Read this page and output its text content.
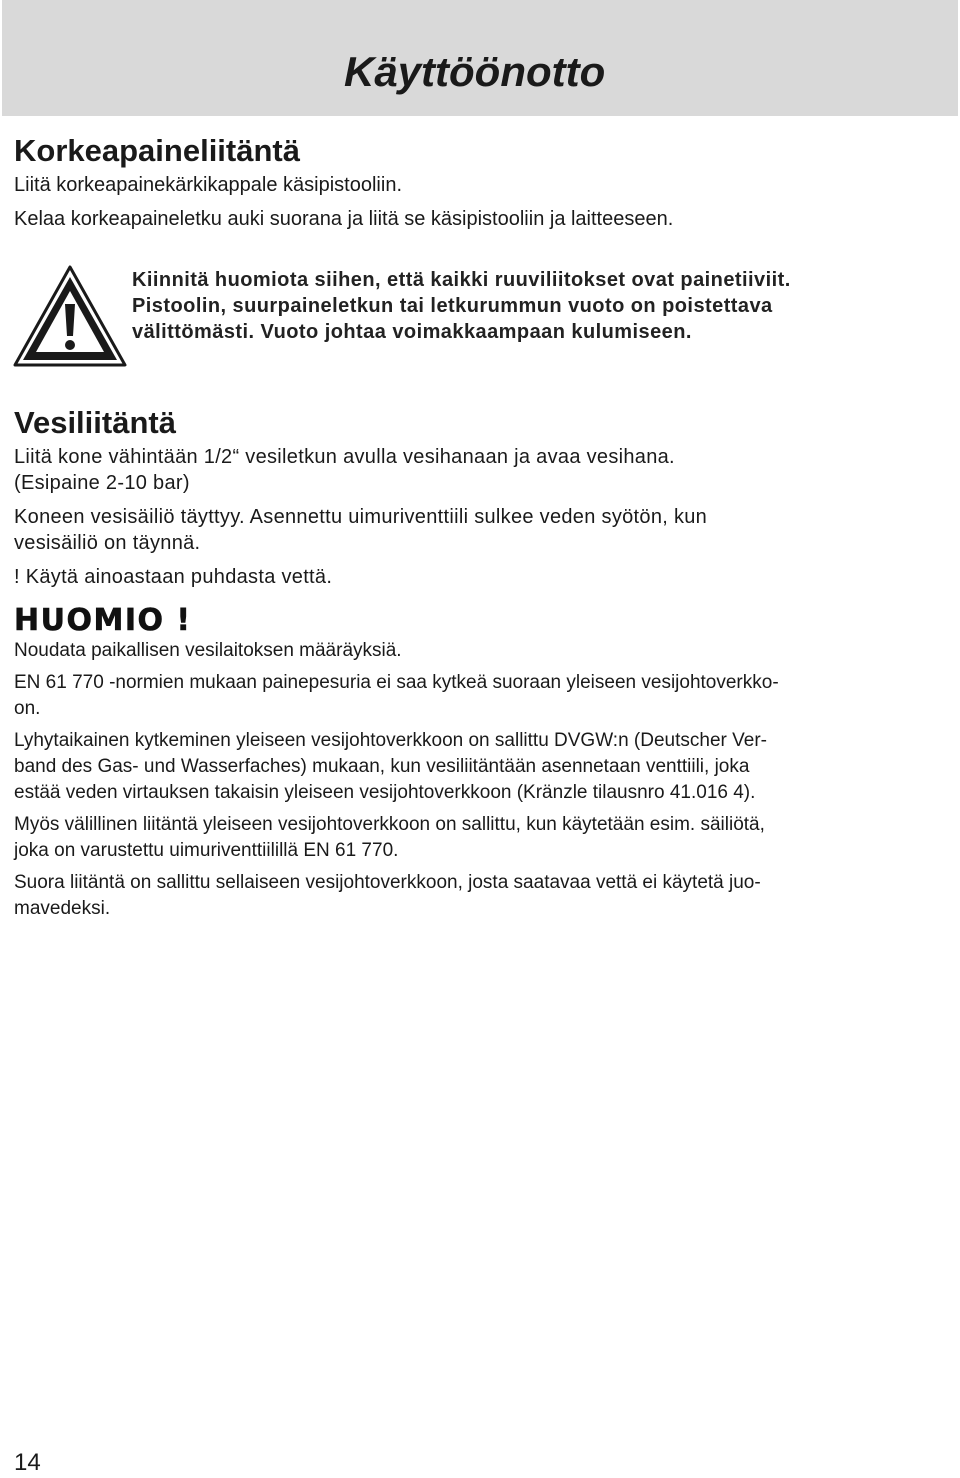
Käyttöönotto
Korkeapaineliitäntä

Liitä korkeapainekärkikappale käsipistooliin.

Kelaa korkeapaineletku auki suorana ja liitä se käsipistooliin ja laitteeseen.

Kiinnitä huomiota siihen, että kaikki ruuviliitokset ovat painetiiviit.
Pistoolin, suurpaineletkun tai letkurummun vuoto on poistettava
välittömästi. Vuoto johtaa voimakkaampaan kulumiseen.
Vesiliitäntä

Liitä kone vähintään 1/2“ vesiletkun avulla vesihanaan ja avaa vesihana.

(Esipaine 2-10 bar)

Koneen vesisäiliö täyttyy. Asennettu uimuriventtiili sulkee veden syötön, kun

vesisäiliö on täynnä.

! Käytä ainoastaan puhdasta vettä.

HUOMIO !

Noudata paikallisen vesilaitoksen määräyksiä.

EN 61 770 -normien mukaan painepesuria ei saa kytkeä suoraan yleiseen vesijohtoverkko-

on.

Lyhytaikainen kytkeminen yleiseen vesijohtoverkkoon on sallittu DVGW:n (Deutscher Ver-

band des Gas- und Wasserfaches) mukaan, kun vesiliitäntään asennetaan venttiili, joka

estää veden virtauksen takaisin yleiseen vesijohtoverkkoon (Kränzle tilausnro 41.016 4).

Myös välillinen liitäntä yleiseen vesijohtoverkkoon on sallittu, kun käytetään esim. säiliötä,

joka on varustettu uimuriventtiilillä EN 61 770.

Suora liitäntä on sallittu sellaiseen vesijohtoverkkoon, josta saatavaa vettä ei käytetä juo-

mavedeksi.

14
